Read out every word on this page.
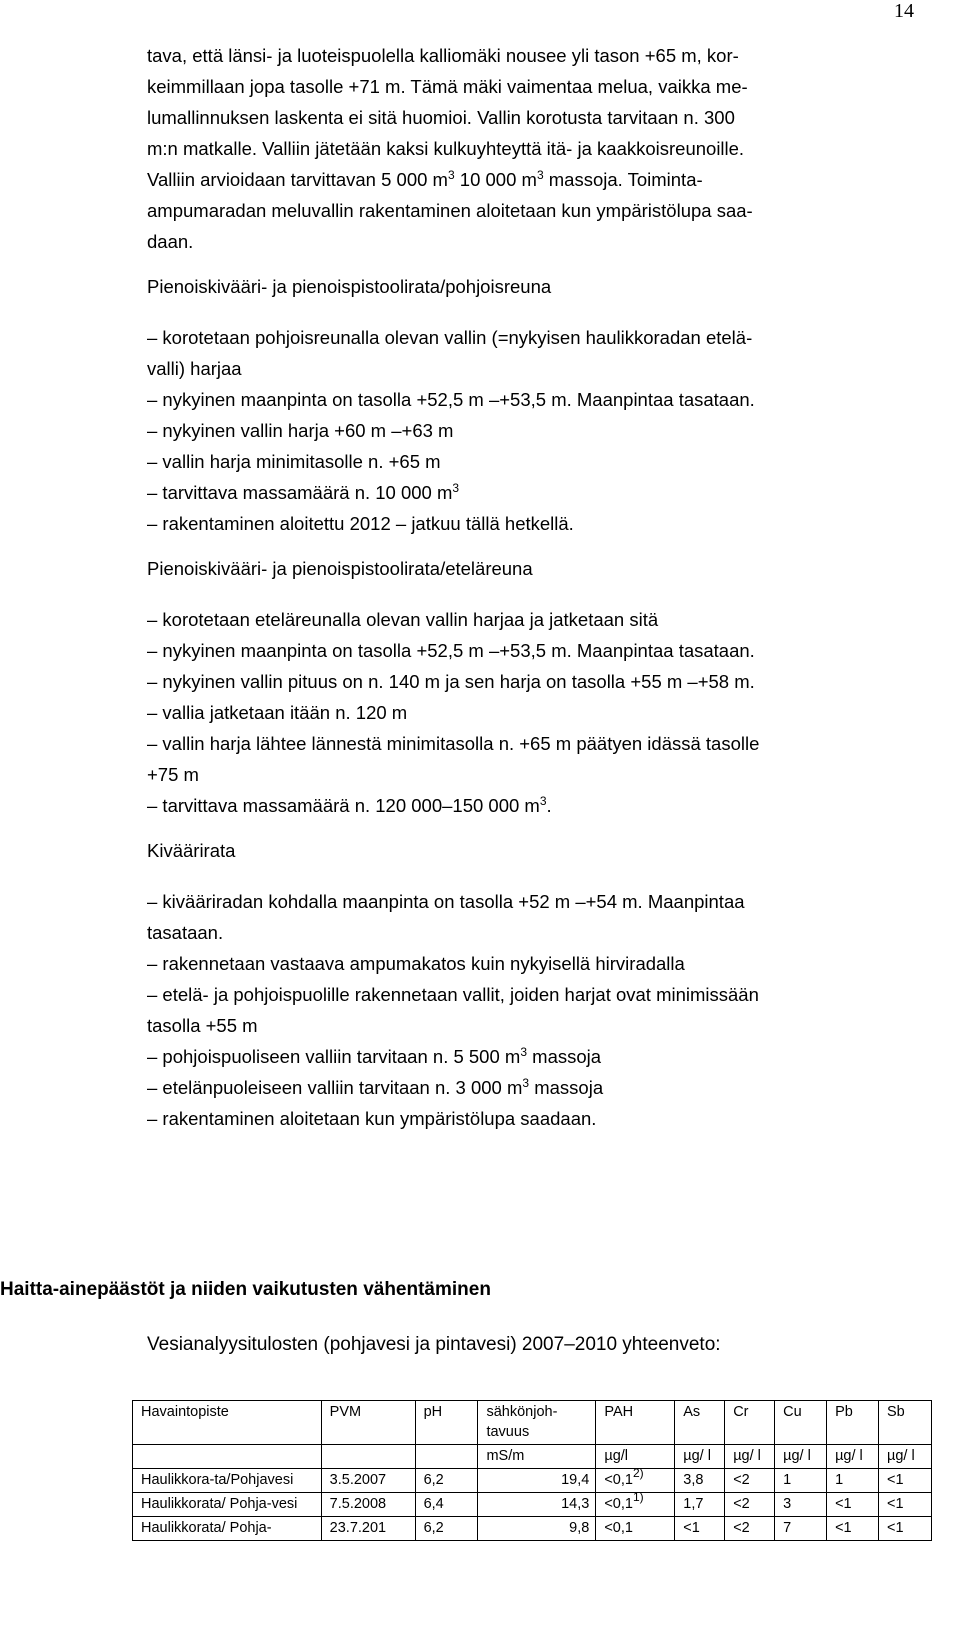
14

tava, että länsi- ja luoteispuolella kalliomäki nousee yli tason +65 m, kor-
keimmillaan jopa tasolle +71 m. Tämä mäki vaimentaa melua, vaikka me-
lumallinnuksen laskenta ei sitä huomioi. Vallin korotusta tarvitaan n. 300
m:n matkalle. Valliin jätetään kaksi kulkuyhteyttä itä- ja kaakkoisreunoille.
Valliin arvioidaan tarvittavan 5 000 $m^3$ 10 000 $m^3$ massoja. Toiminta-
ampumaradan meluvallin rakentaminen aloitetaan kun ympäristölupa saa-
daan.

Pienoiskivääri- ja pienoispistoolirata/pohjoisreuna

– korotetaan pohjoisreunalla olevan vallin (=nykyisen haulikkoradan etelä-
valli) harjaa
– nykyinen maanpinta on tasolla +52,5 m –+53,5 m. Maanpintaa tasataan.
– nykyinen vallin harja +60 m –+63 m
– vallin harja minimitasolle n. +65 m
– tarvittava massamäärä n. 10 000 $m^3$
– rakentaminen aloitettu 2012 – jatkuu tällä hetkellä.

Pienoiskivääri- ja pienoispistoolirata/eteläreuna

– korotetaan eteläreunalla olevan vallin harjaa ja jatketaan sitä
– nykyinen maanpinta on tasolla +52,5 m –+53,5 m. Maanpintaa tasataan.
– nykyinen vallin pituus on n. 140 m ja sen harja on tasolla +55 m –+58 m.
– vallia jatketaan itään n. 120 m
– vallin harja lähtee lännestä minimitasolla n. +65 m päätyen idässä tasolle
+75 m
– tarvittava massamäärä n. 120 000–150 000 $m^3$.

Kiväärirata

– kivääriradan kohdalla maanpinta on tasolla +52 m –+54 m. Maanpintaa
tasataan.
– rakennetaan vastaava ampumakatos kuin nykyisellä hirviradalla
– etelä- ja pohjoispuolille rakennetaan vallit, joiden harjat ovat minimissään
tasolla +55 m
– pohjoispuoliseen valliin tarvitaan n. 5 500 $m^3$ massoja
– etelänpuoleiseen valliin tarvitaan n. 3 000 $m^3$ massoja
– rakentaminen aloitetaan kun ympäristölupa saadaan.
Haitta-ainepäästöt ja niiden vaikutusten vähentäminen
Vesianalyysitulosten (pohjavesi ja pintavesi) 2007–2010 yhteenveto:
Havaintopiste	PVM	pH	sähkönjoh-tavuus	PAH	As	Cr	Cu	Pb	Sb
			mS/m	µg/l	µg/ l	µg/ l	µg/ l	µg/ l	µg/ l
Haulikkora-ta/Pohjavesi	3.5.2007	6,2	19,4	$<0,1^{2)}$	3,8	<2	1	1	<1
Haulikkorata/ Pohja-vesi	7.5.2008	6,4	14,3	$<0,1^{1)}$	1,7	<2	3	<1	<1
Haulikkorata/ Pohja-	23.7.201	6,2	9,8	<0,1	<1	<2	7	<1	<1
